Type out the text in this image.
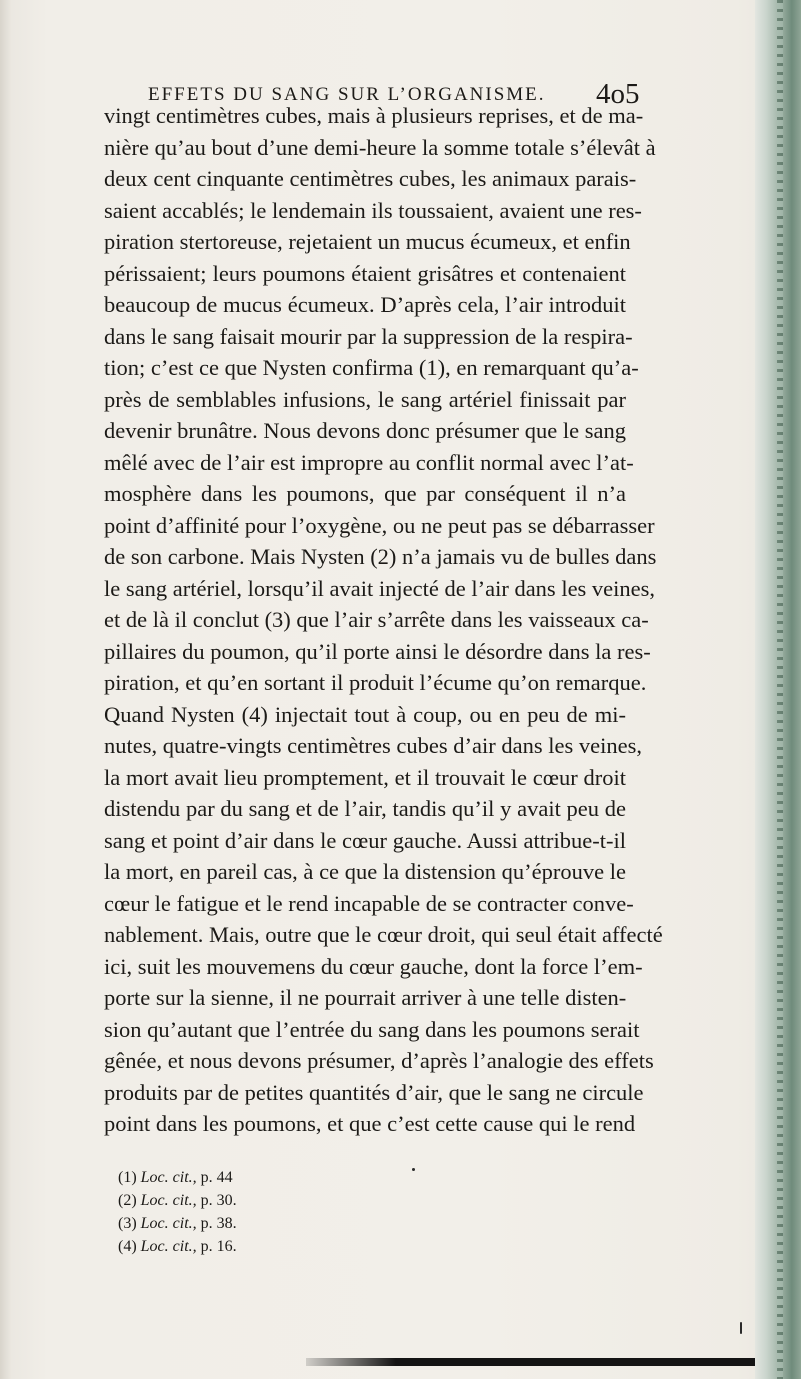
EFFETS DU SANG SUR L’ORGANISME. 4o5
vingt centimètres cubes, mais à plusieurs reprises, et de ma-
nière qu’au bout d’une demi-heure la somme totale s’élevât à
deux cent cinquante centimètres cubes, les animaux parais-
saient accablés; le lendemain ils toussaient, avaient une res-
piration stertoreuse, rejetaient un mucus écumeux, et enfin
périssaient; leurs poumons étaient grisâtres et contenaient
beaucoup de mucus écumeux. D’après cela, l’air introduit
dans le sang faisait mourir par la suppression de la respira-
tion; c’est ce que Nysten confirma (1), en remarquant qu’a-
près de semblables infusions, le sang artériel finissait par
devenir brunâtre. Nous devons donc présumer que le sang
mêlé avec de l’air est impropre au conflit normal avec l’at-
mosphère dans les poumons, que par conséquent il n’a
point d’affinité pour l’oxygène, ou ne peut pas se débarrasser
de son carbone. Mais Nysten (2) n’a jamais vu de bulles dans
le sang artériel, lorsqu’il avait injecté de l’air dans les veines,
et de là il conclut (3) que l’air s’arrête dans les vaisseaux ca-
pillaires du poumon, qu’il porte ainsi le désordre dans la res-
piration, et qu’en sortant il produit l’écume qu’on remarque.
Quand Nysten (4) injectait tout à coup, ou en peu de mi-
nutes, quatre-vingts centimètres cubes d’air dans les veines,
la mort avait lieu promptement, et il trouvait le cœur droit
distendu par du sang et de l’air, tandis qu’il y avait peu de
sang et point d’air dans le cœur gauche. Aussi attribue-t-il
la mort, en pareil cas, à ce que la distension qu’éprouve le
cœur le fatigue et le rend incapable de se contracter conve-
nablement. Mais, outre que le cœur droit, qui seul était affecté
ici, suit les mouvemens du cœur gauche, dont la force l’em-
porte sur la sienne, il ne pourrait arriver à une telle disten-
sion qu’autant que l’entrée du sang dans les poumons serait
gênée, et nous devons présumer, d’après l’analogie des effets
produits par de petites quantités d’air, que le sang ne circule
point dans les poumons, et que c’est cette cause qui le rend
(1) Loc. cit., p. 44
(2) Loc. cit., p. 30.
(3) Loc. cit., p. 38.
(4) Loc. cit., p. 16.
